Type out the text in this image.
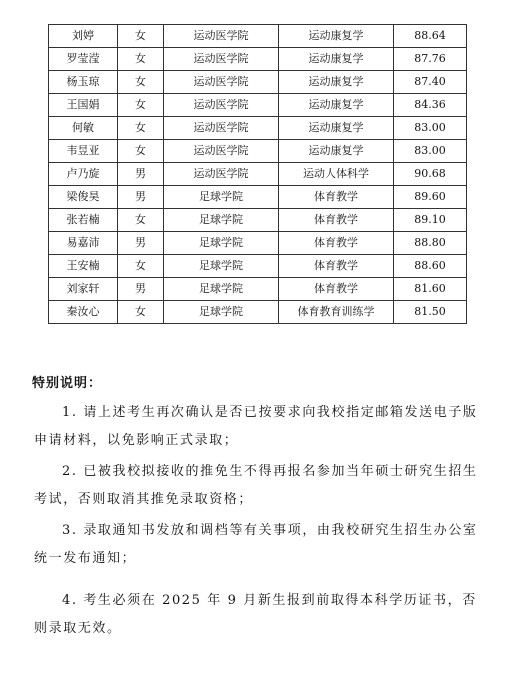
刘婷	女	运动医学院	运动康复学	88.64
罗莹滢	女	运动医学院	运动康复学	87.76
杨玉琼	女	运动医学院	运动康复学	87.40
王国娟	女	运动医学院	运动康复学	84.36
何敏	女	运动医学院	运动康复学	83.00
韦昱亚	女	运动医学院	运动康复学	83.00
卢乃旋	男	运动医学院	运动人体科学	90.68
梁俊昊	男	足球学院	体育教学	89.60
张若楠	女	足球学院	体育教学	89.10
易嘉沛	男	足球学院	体育教学	88.80
王安楠	女	足球学院	体育教学	88.60
刘家轩	男	足球学院	体育教学	81.60
秦汝心	女	足球学院	体育教育训练学	81.50

特别说明：

1. 请上述考生再次确认是否已按要求向我校指定邮箱发送电子版申请材料，以免影响正式录取；

2. 已被我校拟接收的推免生不得再报名参加当年硕士研究生招生考试，否则取消其推免录取资格；

3. 录取通知书发放和调档等有关事项，由我校研究生招生办公室统一发布通知；

4. 考生必须在 2025 年 9 月新生报到前取得本科学历证书，否则录取无效。
